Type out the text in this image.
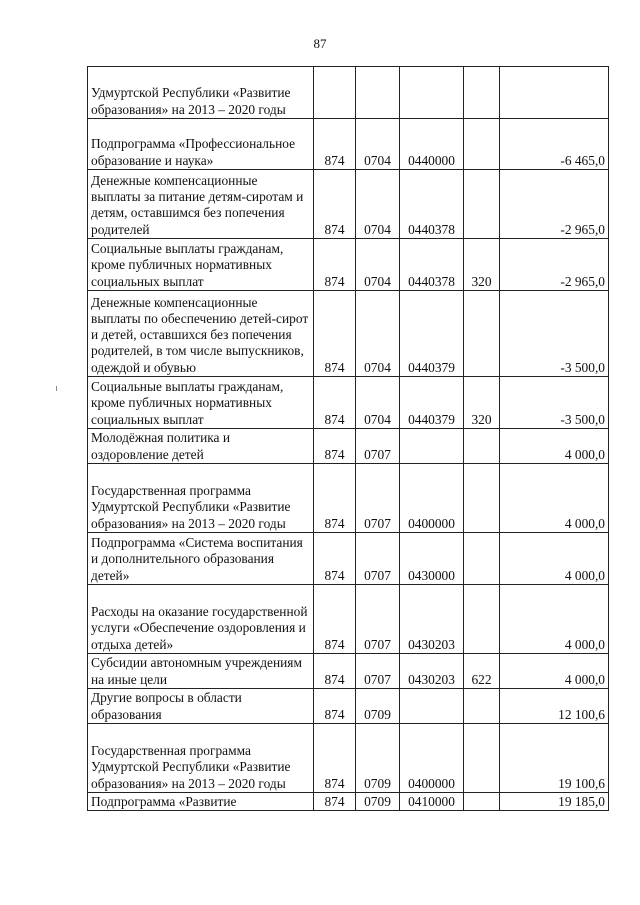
87
Удмуртской Республики «Развитие образования» на 2013 – 2020 годы					
Подпрограмма «Профессиональное образование и наука»	874	0704	0440000		-6 465,0
Денежные компенсационные выплаты за питание детям-сиротам и детям, оставшимся без попечения родителей	874	0704	0440378		-2 965,0
Социальные выплаты гражданам, кроме публичных нормативных социальных выплат	874	0704	0440378	320	-2 965,0
Денежные компенсационные выплаты по обеспечению детей-сирот и детей, оставшихся без попечения родителей, в том числе выпускников, одеждой и обувью	874	0704	0440379		-3 500,0
Социальные выплаты гражданам, кроме публичных нормативных социальных выплат	874	0704	0440379	320	-3 500,0
Молодёжная политика и оздоровление детей	874	0707			4 000,0
Государственная программа Удмуртской Республики «Развитие образования» на 2013 – 2020 годы	874	0707	0400000		4 000,0
Подпрограмма «Система воспитания и дополнительного образования детей»	874	0707	0430000		4 000,0
Расходы на оказание государственной услуги «Обеспечение оздоровления и отдыха детей»	874	0707	0430203		4 000,0
Субсидии автономным учреждениям на иные цели	874	0707	0430203	622	4 000,0
Другие вопросы в области образования	874	0709			12 100,6
Государственная программа Удмуртской Республики «Развитие образования» на 2013 – 2020 годы	874	0709	0400000		19 100,6
Подпрограмма «Развитие	874	0709	0410000		19 185,0
